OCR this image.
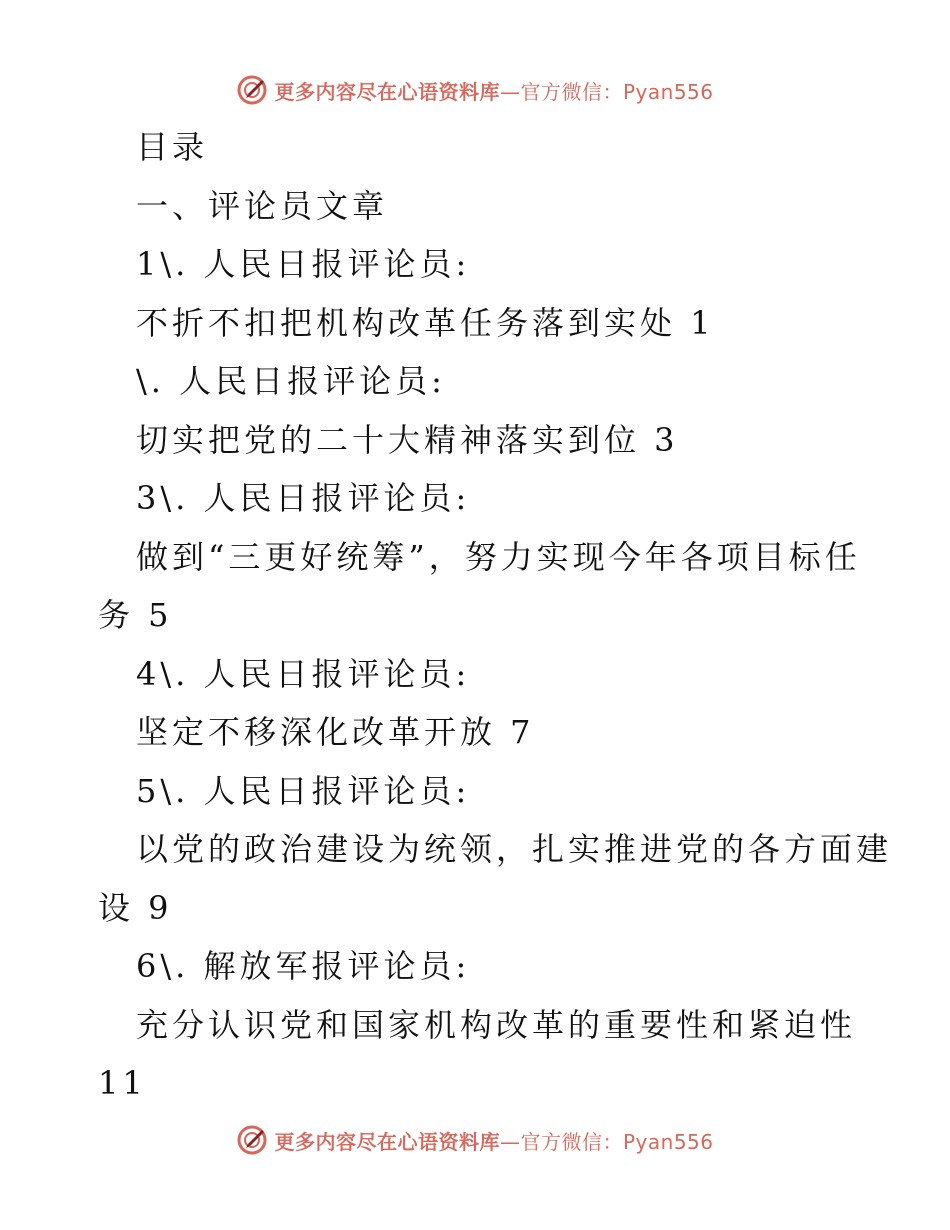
更多内容尽在心语资料库—官方微信：Pyan556
目录
一、评论员文章
1\. 人民日报评论员:
不折不扣把机构改革任务落到实处 1
\. 人民日报评论员:
切实把党的二十大精神落实到位 3
3\. 人民日报评论员:
做到“三更好统筹”，努力实现今年各项目标任
务 5
4\. 人民日报评论员:
坚定不移深化改革开放 7
5\. 人民日报评论员:
以党的政治建设为统领，扎实推进党的各方面建
设 9
6\. 解放军报评论员:
充分认识党和国家机构改革的重要性和紧迫性
11
更多内容尽在心语资料库—官方微信：Pyan556
